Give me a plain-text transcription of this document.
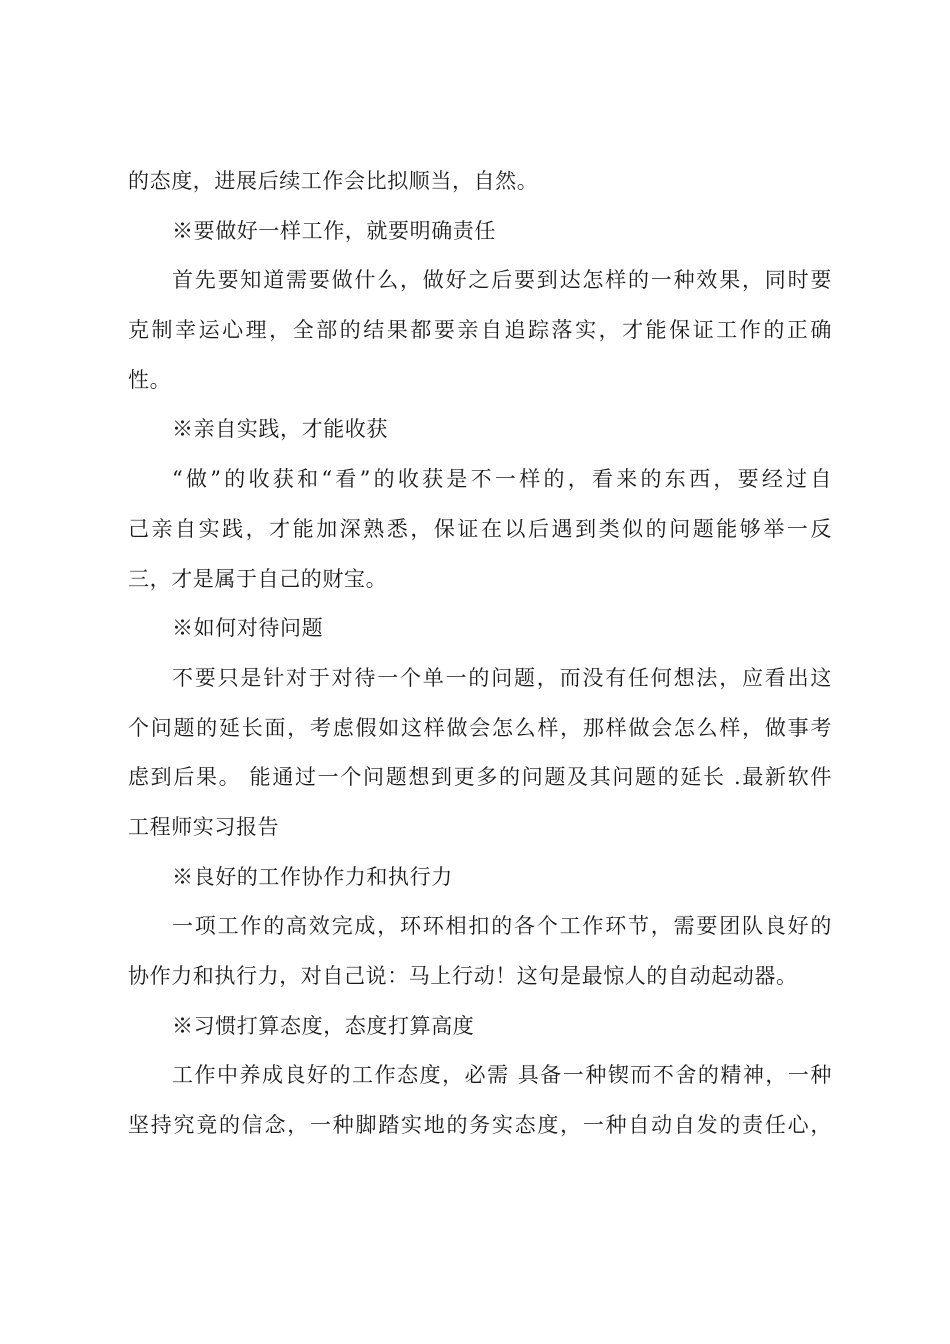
的态度，进展后续工作会比拟顺当，自然。
※要做好一样工作，就要明确责任
首先要知道需要做什么，做好之后要到达怎样的一种效果，同时要
克制幸运心理，全部的结果都要亲自追踪落实，才能保证工作的正确
性。
※亲自实践，才能收获
“做”的收获和“看”的收获是不一样的，看来的东西，要经过自
己亲自实践，才能加深熟悉，保证在以后遇到类似的问题能够举一反
三，才是属于自己的财宝。
※如何对待问题
不要只是针对于对待一个单一的问题，而没有任何想法，应看出这
个问题的延长面，考虑假如这样做会怎么样，那样做会怎么样，做事考
虑到后果。 能通过一个问题想到更多的问题及其问题的延长 .最新软件
工程师实习报告
※良好的工作协作力和执行力
一项工作的高效完成，环环相扣的各个工作环节，需要团队良好的
协作力和执行力，对自己说：马上行动！这句是最惊人的自动起动器。
※习惯打算态度，态度打算高度
工作中养成良好的工作态度，必需 具备一种锲而不舍的精神，一种
坚持究竟的信念，一种脚踏实地的务实态度，一种自动自发的责任心，
